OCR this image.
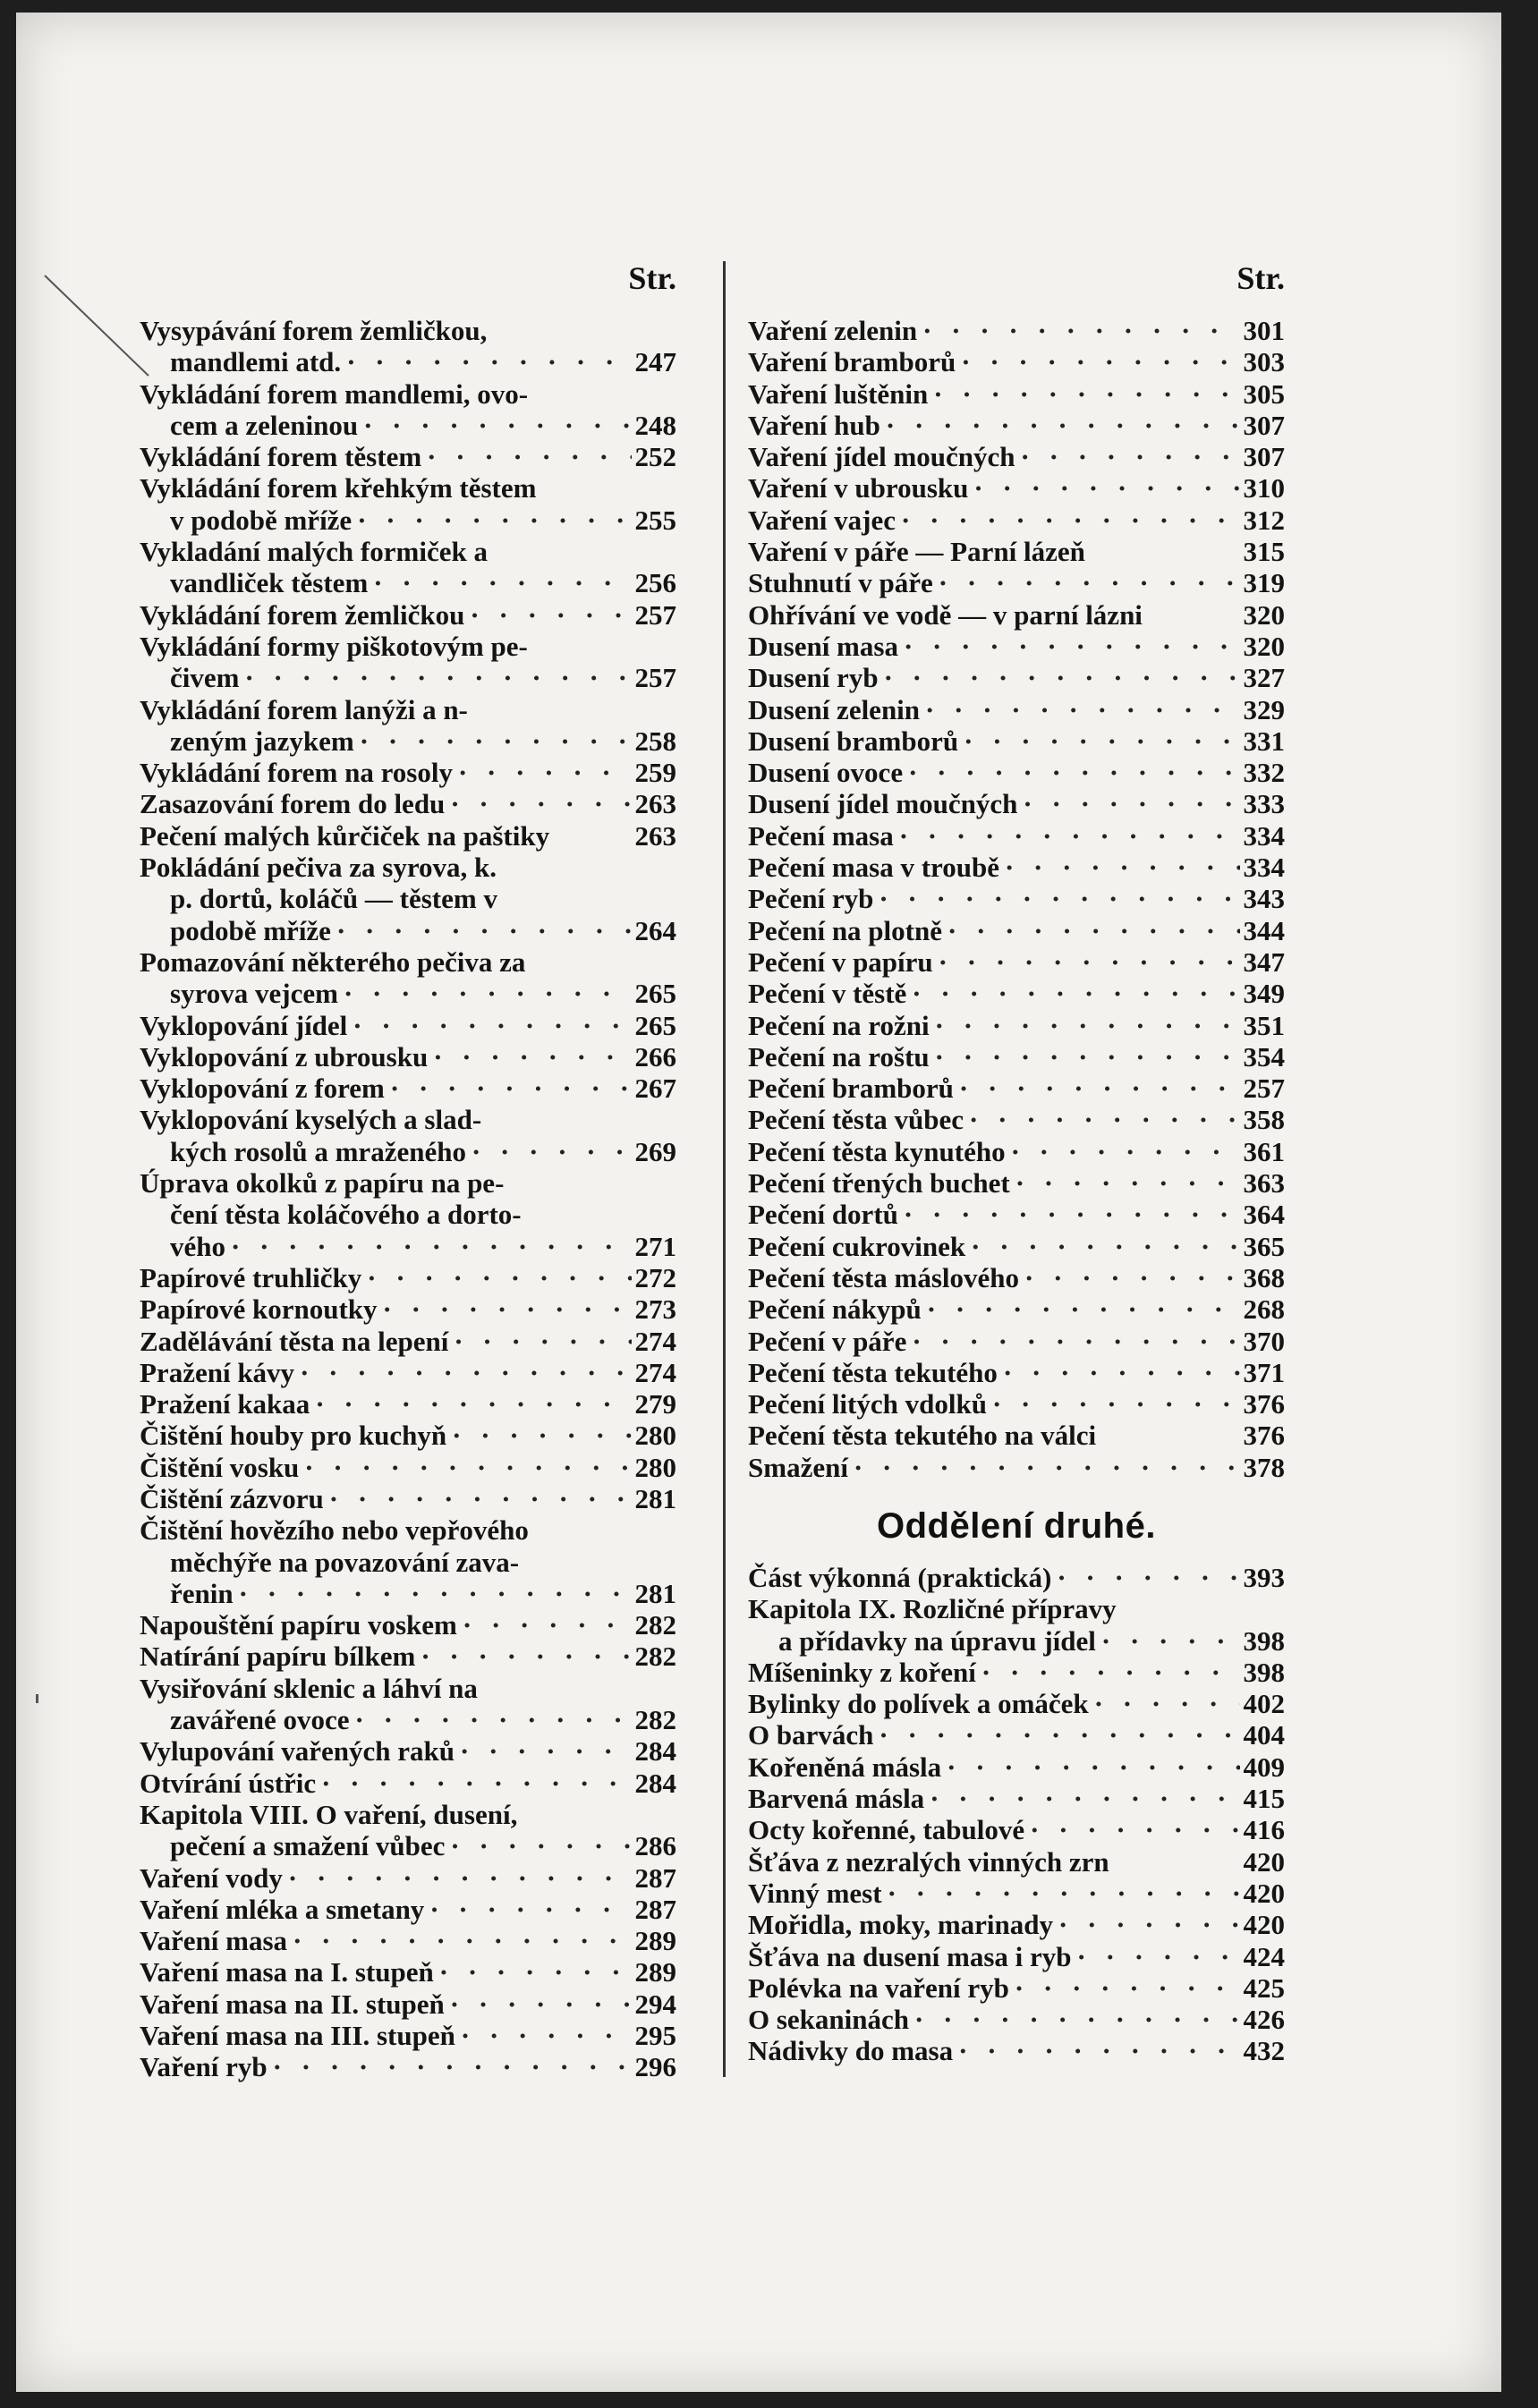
Str.
Vysypávání forem žemličkou,
mandlemi atd. · · ·	247
Vykládání forem mandlemi, ovo-
cem a zeleninou · · ·	248
Vykládání forem těstem · · ·	252
Vykládání forem křehkým těstem
v podobě mříže · · ·	255
Vykladání malých formiček a
vandliček těstem · · ·	256
Vykládání forem žemličkou · · ·	257
Vykládání formy piškotovým pe-
čivem · · ·	257
Vykládání forem lanýži a n-
zeným jazykem · · ·	258
Vykládání forem na rosoly · · ·	259
Zasazování forem do ledu · · ·	263
Pečení malých kůrčiček na paštiky	263
Pokládání pečiva za syrova, k.
p. dortů, koláčů — těstem v
podobě mříže · · ·	264
Pomazování některého pečiva za
syrova vejcem · · ·	265
Vyklopování jídel · · ·	265
Vyklopování z ubrousku · · ·	266
Vyklopování z forem · · ·	267
Vyklopování kyselých a slad-
kých rosolů a mraženého · · ·	269
Úprava okolků z papíru na pe-
čení těsta koláčového a dorto-
vého · · ·	271
Papírové truhličky · · ·	272
Papírové kornoutky · · ·	273
Zadělávání těsta na lepení · · ·	274
Pražení kávy · · ·	274
Pražení kakaa · · ·	279
Čištění houby pro kuchyň · · ·	280
Čištění vosku · · ·	280
Čištění zázvoru · · ·	281
Čištění hovězího nebo vepřového
měchýře na povazování zava-
řenin · · ·	281
Napouštění papíru voskem · · ·	282
Natírání papíru bílkem · · ·	282
Vysiřování sklenic a láhví na
zavářené ovoce · · ·	282
Vylupování vařených raků · · ·	284
Otvírání ústřic · · ·	284
Kapitola VIII. O vaření, dusení,
pečení a smažení vůbec · · ·	286
Vaření vody · · ·	287
Vaření mléka a smetany · · ·	287
Vaření masa · · ·	289
Vaření masa na I. stupeň · · ·	289
Vaření masa na II. stupeň · · ·	294
Vaření masa na III. stupeň · · ·	295
Vaření ryb · · ·	296
Str.
Vaření zelenin · · ·	301
Vaření bramborů · · ·	303
Vaření luštěnin · · ·	305
Vaření hub · · ·	307
Vaření jídel moučných · · ·	307
Vaření v ubrousku · · ·	310
Vaření vajec · · ·	312
Vaření v páře — Parní lázeň	315
Stuhnutí v páře · · ·	319
Ohřívání ve vodě — v parní lázni	320
Dusení masa · · ·	320
Dusení ryb · · ·	327
Dusení zelenin · · ·	329
Dusení bramborů · · ·	331
Dusení ovoce · · ·	332
Dusení jídel moučných · · ·	333
Pečení masa · · ·	334
Pečení masa v troubě · · ·	334
Pečení ryb · · ·	343
Pečení na plotně · · ·	344
Pečení v papíru · · ·	347
Pečení v těstě · · ·	349
Pečení na rožni · · ·	351
Pečení na roštu · · ·	354
Pečení bramborů · · ·	257
Pečení těsta vůbec · · ·	358
Pečení těsta kynutého · · ·	361
Pečení třených buchet · · ·	363
Pečení dortů · · ·	364
Pečení cukrovinek · · ·	365
Pečení těsta máslového · · ·	368
Pečení nákypů · · ·	268
Pečení v páře · · ·	370
Pečení těsta tekutého · · ·	371
Pečení litých vdolků · · ·	376
Pečení těsta tekutého na válci	376
Smažení · · ·	378
Oddělení druhé.
Část výkonná (praktická) · · ·	393
Kapitola IX. Rozličné přípravy
a přídavky na úpravu jídel · · ·	398
Míšeninky z koření · · ·	398
Bylinky do polívek a omáček · · ·	402
O barvách · · ·	404
Kořeněná másla · · ·	409
Barvená másla · · ·	415
Octy kořenné, tabulové · · ·	416
Šťáva z nezralých vinných zrn	420
Vinný mest · · ·	420
Mořidla, moky, marinady · · ·	420
Šťáva na dusení masa i ryb · · ·	424
Polévka na vaření ryb · · ·	425
O sekaninách · · ·	426
Nádivky do masa · · ·	432
